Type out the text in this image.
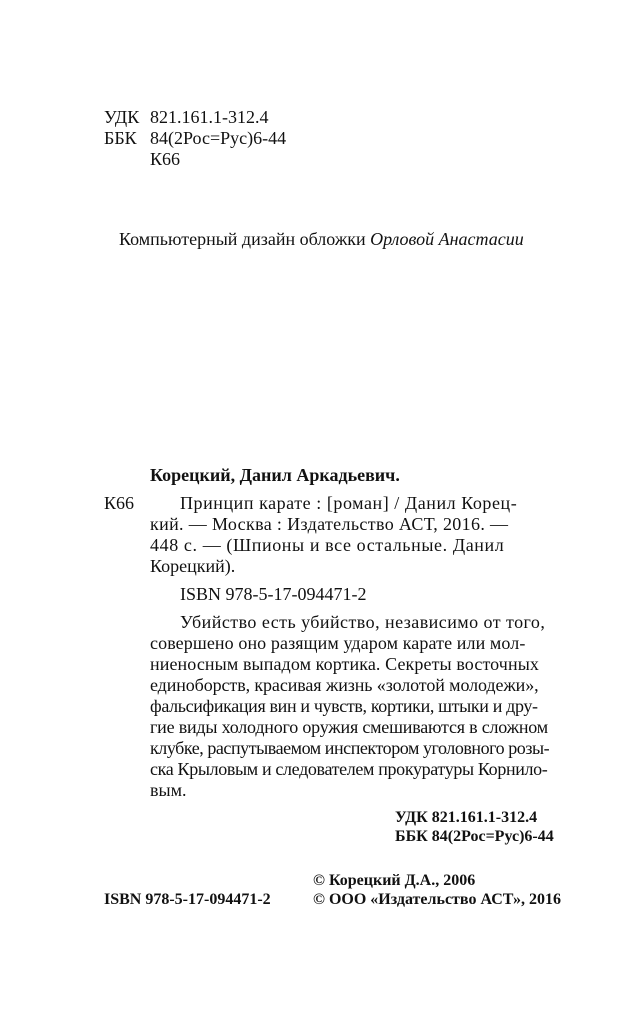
УДК 821.161.1-312.4
ББК 84(2Рос=Рус)6-44
К66
Компьютерный дизайн обложки Орловой Анастасии
Корецкий, Данил Аркадьевич.
К66	Принцип карате : [роман] / Данил Корец-
кий. — Москва : Издательство АСТ, 2016. —
448 с. — (Шпионы и все остальные. Данил
Корецкий).
ISBN 978-5-17-094471-2
Убийство есть убийство, независимо от того,
совершено оно разящим ударом карате или мол-
ниеносным выпадом кортика. Секреты восточных
единоборств, красивая жизнь «золотой молодежи»,
фальсификация вин и чувств, кортики, штыки и дру-
гие виды холодного оружия смешиваются в сложном
клубке, распутываемом инспектором уголовного розы-
ска Крыловым и следователем прокуратуры Корнило-
вым.
УДК 821.161.1-312.4
ББК 84(2Рос=Рус)6-44
© Корецкий Д.А., 2006
ISBN 978-5-17-094471-2	© ООО «Издательство АСТ», 2016
